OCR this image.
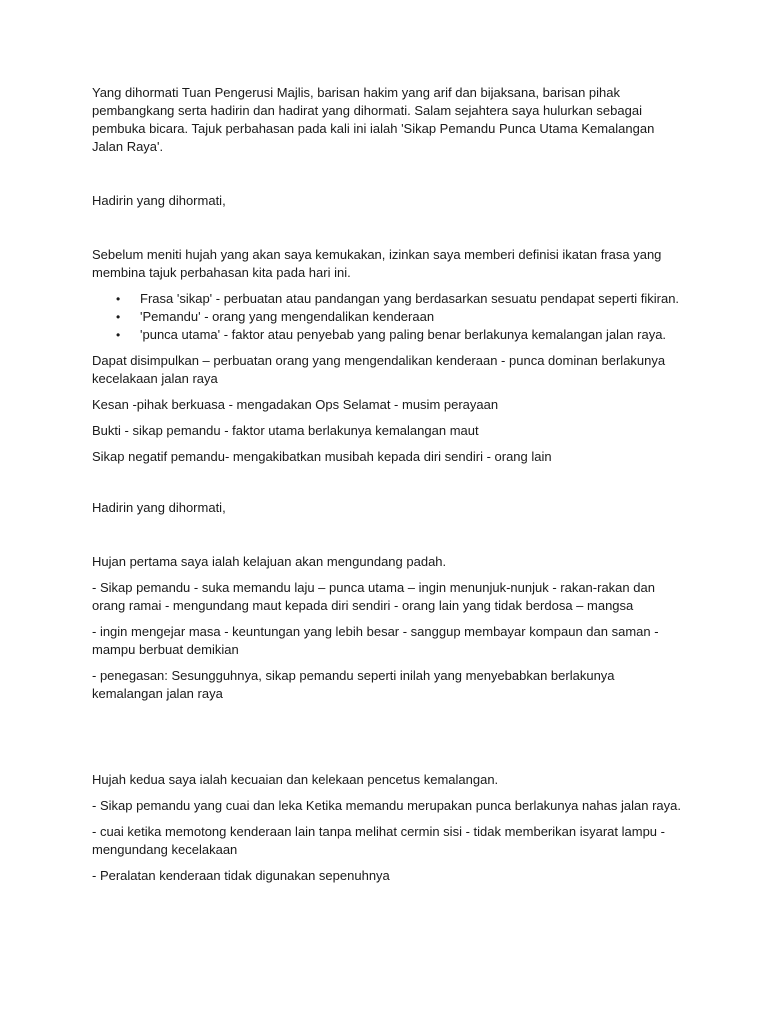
Yang dihormati Tuan Pengerusi Majlis, barisan hakim yang arif dan bijaksana, barisan pihak pembangkang serta hadirin dan hadirat yang dihormati. Salam sejahtera saya hulurkan sebagai pembuka bicara. Tajuk perbahasan pada kali ini ialah 'Sikap Pemandu Punca Utama Kemalangan Jalan Raya'.

Hadirin yang dihormati,

Sebelum meniti hujah yang akan saya kemukakan, izinkan saya memberi definisi ikatan frasa yang membina tajuk perbahasan kita pada hari ini.

• Frasa 'sikap' - perbuatan atau pandangan yang berdasarkan sesuatu pendapat seperti fikiran.
• 'Pemandu' - orang yang mengendalikan kenderaan
• 'punca utama' - faktor atau penyebab yang paling benar berlakunya kemalangan jalan raya.

Dapat disimpulkan – perbuatan orang yang mengendalikan kenderaan - punca dominan berlakunya kecelakaan jalan raya

Kesan -pihak berkuasa - mengadakan Ops Selamat - musim perayaan

Bukti - sikap pemandu - faktor utama berlakunya kemalangan maut

Sikap negatif pemandu- mengakibatkan musibah kepada diri sendiri - orang lain

Hadirin yang dihormati,

Hujan pertama saya ialah kelajuan akan mengundang padah.

- Sikap pemandu - suka memandu laju – punca utama – ingin menunjuk-nunjuk - rakan-rakan dan orang ramai - mengundang maut kepada diri sendiri - orang lain yang tidak berdosa – mangsa

- ingin mengejar masa - keuntungan yang lebih besar - sanggup membayar kompaun dan saman - mampu berbuat demikian

- penegasan: Sesungguhnya, sikap pemandu seperti inilah yang menyebabkan berlakunya kemalangan jalan raya

Hujah kedua saya ialah kecuaian dan kelekaan pencetus kemalangan.

- Sikap pemandu yang cuai dan leka Ketika memandu merupakan punca berlakunya nahas jalan raya.

- cuai ketika memotong kenderaan lain tanpa melihat cermin sisi - tidak memberikan isyarat lampu - mengundang kecelakaan

- Peralatan kenderaan tidak digunakan sepenuhnya
